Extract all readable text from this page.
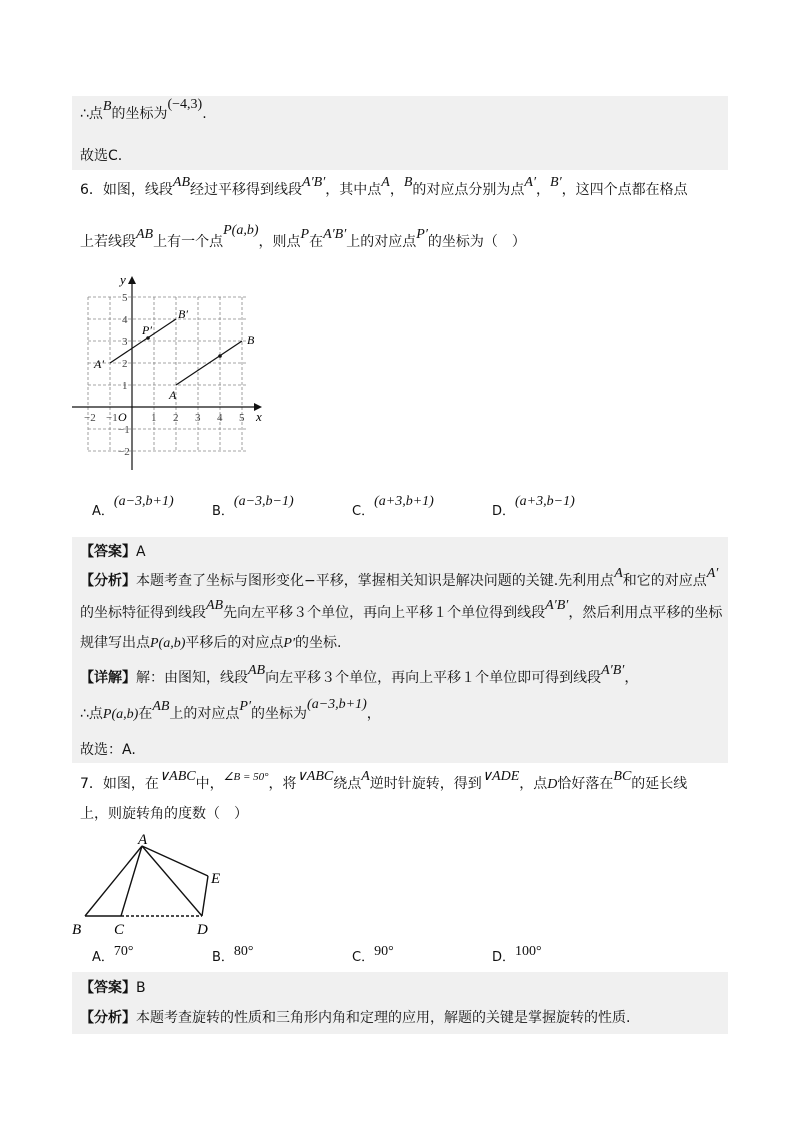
∴点B的坐标为(−4,3).
故选C.
6．如图，线段AB经过平移得到线段A′B′，其中点A，B的对应点分别为点A′，B′，这四个点都在格点
上若线段AB上有一个点P(a,b)，则点P在A′B′上的对应点P′的坐标为（　）
x
y
O
−2 −1	1 2 3 4 5
5
4
3
2
1
−1
−2
A
B
A′
B′
P′
A．(a−3,b+1)
B．(a−3,b−1)
C．(a+3,b+1)
D．(a+3,b−1)
【答案】A
【分析】本题考查了坐标与图形变化−平移，掌握相关知识是解决问题的关键.先利用点A和它的对应点A′
的坐标特征得到线段AB先向左平移３个单位，再向上平移１个单位得到线段A′B′，然后利用点平移的坐标
规律写出点P(a,b)平移后的对应点P′的坐标.
【详解】解：由图知，线段AB向左平移３个单位，再向上平移１个单位即可得到线段A′B′，
∴点P(a,b)在AB上的对应点P′的坐标为(a−3,b+1)，
故选：A.
7．如图，在∨ABC中，$^{\angle B = 50^\circ}$，将∨ABC绕点A逆时针旋转，得到∨ADE，点D恰好落在BC的延长线
上，则旋转角的度数（　）
A
B C	D
E
A．70°	B．80°	C．90°	D．100°
【答案】B
【分析】本题考查旋转的性质和三角形内角和定理的应用，解题的关键是掌握旋转的性质.
